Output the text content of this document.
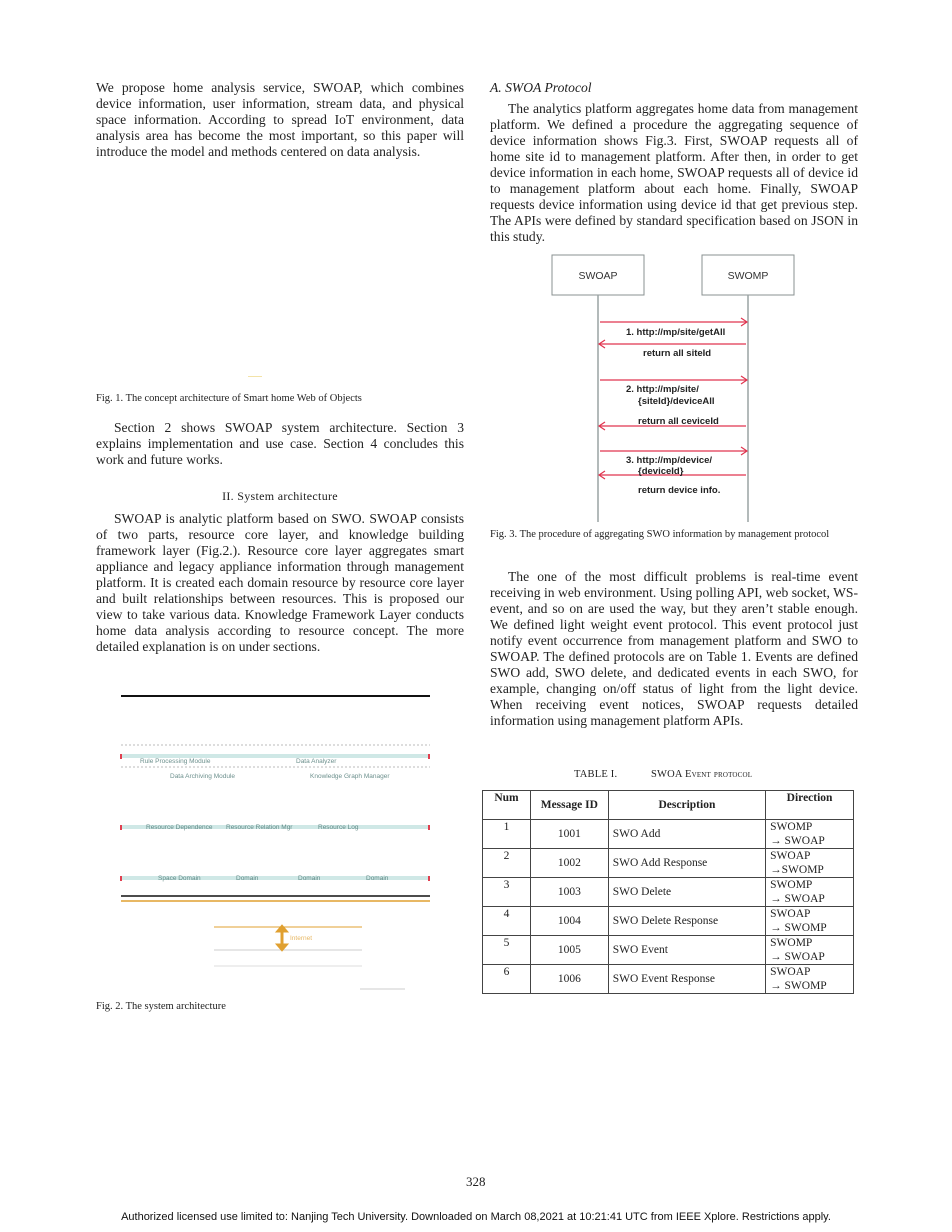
We propose home analysis service, SWOAP, which combines device information, user information, stream data, and physical space information. According to spread IoT environment, data analysis area has become the most important, so this paper will introduce the model and methods centered on data analysis.

Fig. 1. The concept architecture of Smart home Web of Objects

Section 2 shows SWOAP system architecture. Section 3 explains implementation and use case. Section 4 concludes this work and future works.

II. System architecture

SWOAP is analytic platform based on SWO. SWOAP consists of two parts, resource core layer, and knowledge building framework layer (Fig.2.). Resource core layer aggregates smart appliance and legacy appliance information through management platform. It is created each domain resource by resource core layer and built relationships between resources. This is proposed our view to take various data. Knowledge Framework Layer conducts home data analysis according to resource concept. The more detailed explanation is on under sections.

Rule Processing Module	Data Analyzer
Data Archiving Module	Knowledge Graph Manager
Resource Dependence Resource Relation Mgr	Resource Log
Space Domain	Domain	Domain	Domain
Internet
Fig. 2. The system architecture
A. SWOA Protocol

The analytics platform aggregates home data from management platform. We defined a procedure the aggregating sequence of device information shows Fig.3. First, SWOAP requests all of home site id to management platform. After then, in order to get device information in each home, SWOAP requests all of device id to management platform about each home. Finally, SWOAP requests device information using device id that get previous step. The APIs were defined by standard specification based on JSON in this study.

SWOAP	SWOMP
1. http://mp/site/getAll
return all siteId
2. http://mp/site/
{siteId}/deviceAll
return all ceviceId
3. http://mp/device/
{deviceId}
return device info.
Fig. 3. The procedure of aggregating SWO information by management protocol

The one of the most difficult problems is real-time event receiving in web environment. Using polling API, web socket, WS-event, and so on are used the way, but they aren’t stable enough. We defined light weight event protocol. This event protocol just notify event occurrence from management platform and SWO to SWOAP. The defined protocols are on Table 1. Events are defined SWO add, SWO delete, and dedicated events in each SWO, for example, changing on/off status of light from the light device. When receiving event notices, SWOAP requests detailed information using management platform APIs.

TABLE I.	SWOA Event protocol
Num	Message ID	Description	Direction
1	1001	SWO Add	SWOMP
→ SWOAP

2	1002	SWO Add Response	SWOAP
→SWOMP

3	1003	SWO Delete	SWOMP
→ SWOAP

4	1004	SWO Delete Response	SWOAP
→ SWOMP

5	1005	SWO Event	SWOMP
→ SWOAP

6	1006	SWO Event Response	SWOAP
→ SWOMP
328
Authorized licensed use limited to: Nanjing Tech University. Downloaded on March 08,2021 at 10:21:41 UTC from IEEE Xplore. Restrictions apply.
